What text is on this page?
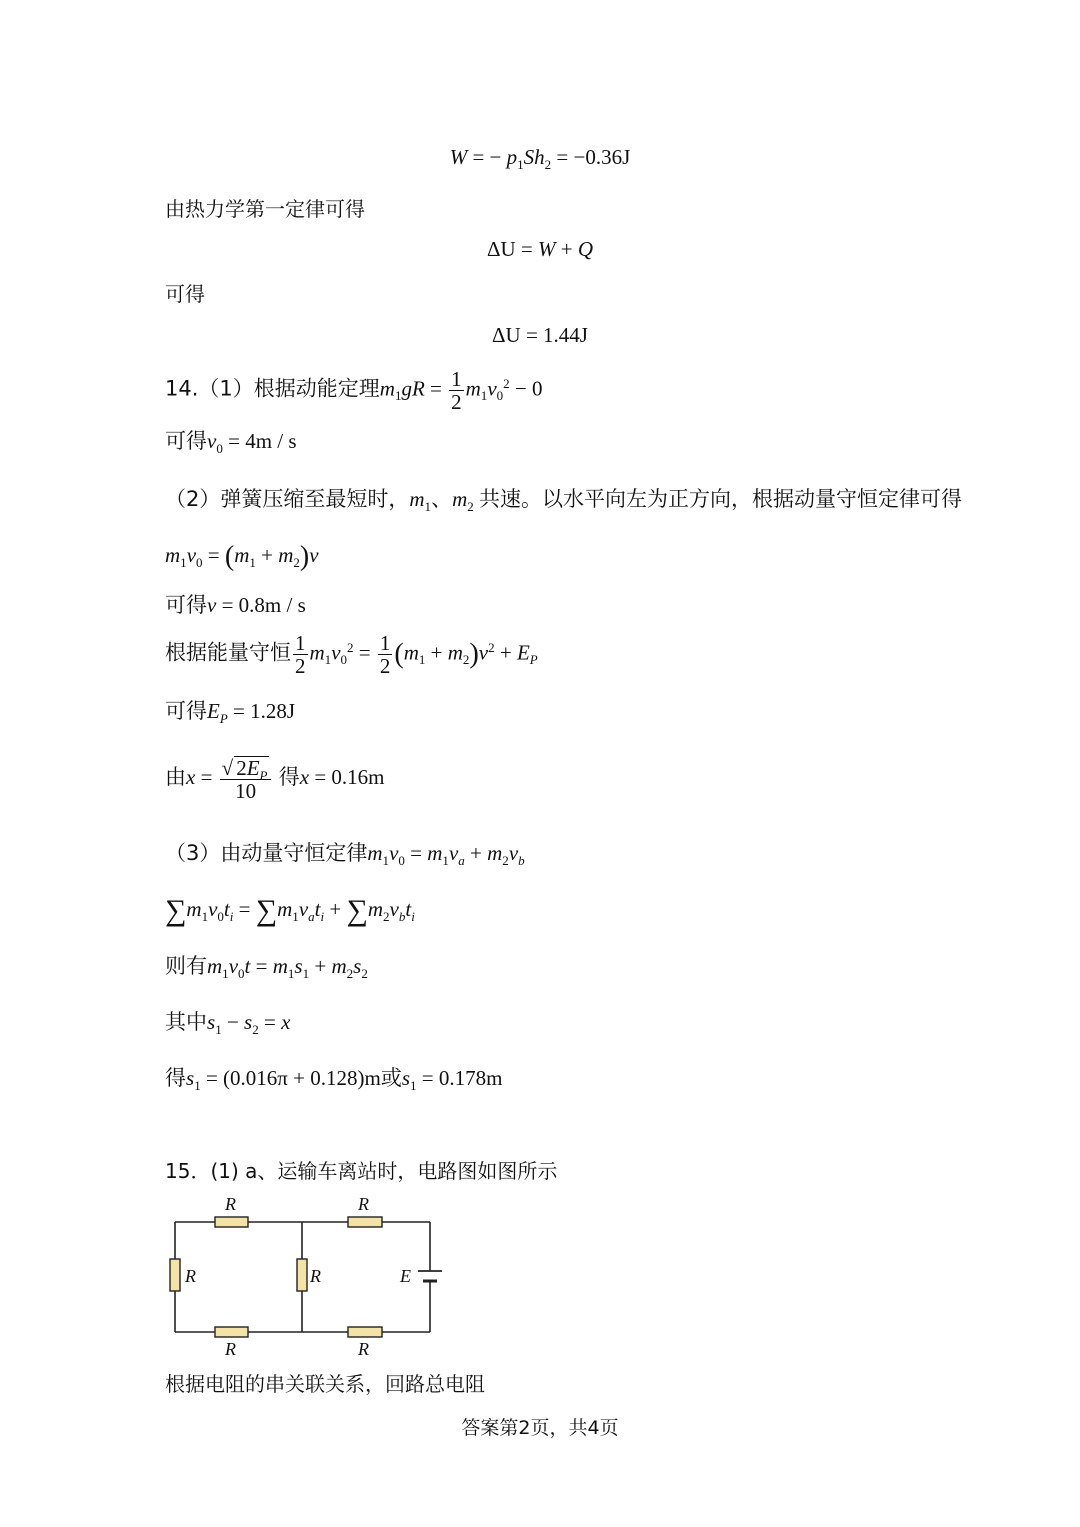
W = − $p_1Sh_2 = -0.36J$
由热力学第一定律可得
ΔU = W + Q
可得
ΔU = 1.44J
14.（1）根据动能定理$m_1gR = \frac{1}{2} m_1v_0^2 - 0$
可得$v_0 = 4m / s$
（2）弹簧压缩至最短时，$m_1$、$m_2$ 共速。以水平向左为正方向，根据动量守恒定律可得
$m_1v_0 = (m_1 + m_2)v$
可得v = 0.8m / s
根据能量守恒 $\frac{1}{2} m_1v_0^2 = \frac{1}{2} (m_1 + m_2)v^2 + E_P$
可得$E_P = 1.28J$
由$x = \frac{√ 2E_P}{10}$ 得x = 0.16m
（3）由动量守恒定律$m_1v_0 = m_1v_a + m_2v_b$
$\sum m_1v_0t_i = \sum m_1v_at_i + \sum m_2v_bt_i$
则有$m_1v_0t = m_1s_1 + m_2s_2$
其中$s_1 - s_2 = x$
得$s_1 = (0.016\pi + 0.128)m$或$s_1 = 0.178m$
15．(1) a、运输车离站时，电路图如图所示
R	R
R	R	E
R	R
根据电阻的串关联关系，回路总电阻
答案第2页，共4页
